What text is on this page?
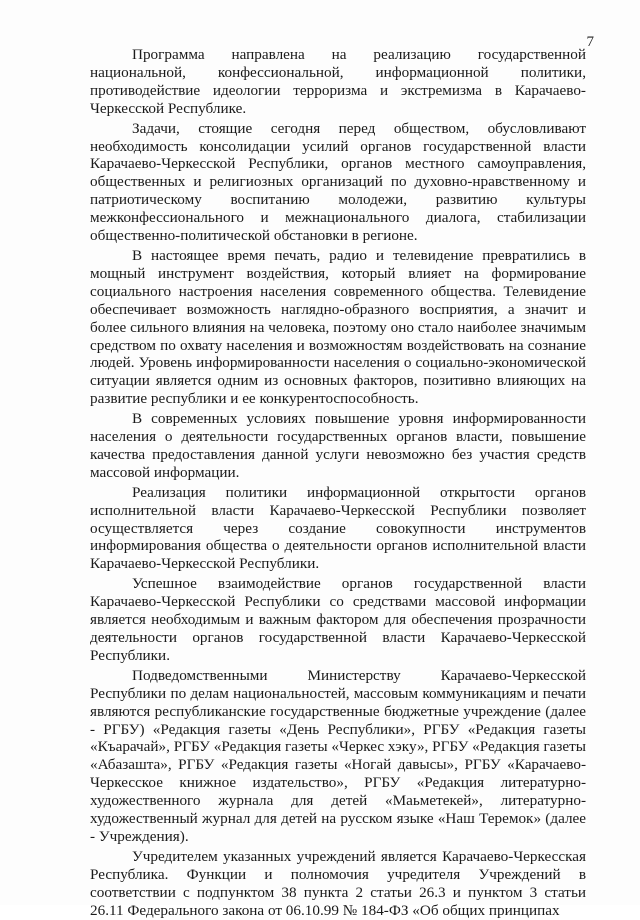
7

Программа направлена на реализацию государственной национальной, конфессиональной, информационной политики, противодействие идеологии терроризма и экстремизма в Карачаево-Черкесской Республике.

Задачи, стоящие сегодня перед обществом, обусловливают необходимость консолидации усилий органов государственной власти Карачаево-Черкесской Республики, органов местного самоуправления, общественных и религиозных организаций по духовно-нравственному и патриотическому воспитанию молодежи, развитию культуры межконфессионального и межнационального диалога, стабилизации общественно-политической обстановки в регионе.

В настоящее время печать, радио и телевидение превратились в мощный инструмент воздействия, который влияет на формирование социального настроения населения современного общества. Телевидение обеспечивает возможность наглядно-образного восприятия, а значит и более сильного влияния на человека, поэтому оно стало наиболее значимым средством по охвату населения и возможностям воздействовать на сознание людей. Уровень информированности населения о социально-экономической ситуации является одним из основных факторов, позитивно влияющих на развитие республики и ее конкурентоспособность.

В современных условиях повышение уровня информированности населения о деятельности государственных органов власти, повышение качества предоставления данной услуги невозможно без участия средств массовой информации.

Реализация политики информационной открытости органов исполнительной власти Карачаево-Черкесской Республики позволяет осуществляется через создание совокупности инструментов информирования общества о деятельности органов исполнительной власти Карачаево-Черкесской Республики.

Успешное взаимодействие органов государственной власти Карачаево-Черкесской Республики со средствами массовой информации является необходимым и важным фактором для обеспечения прозрачности деятельности органов государственной власти Карачаево-Черкесской Республики.

Подведомственными Министерству Карачаево-Черкесской Республики по делам национальностей, массовым коммуникациям и печати являются республиканские государственные бюджетные учреждение (далее - РГБУ) «Редакция газеты «День Республики», РГБУ «Редакция газеты «Къарачай», РГБУ «Редакция газеты «Черкес хэку», РГБУ «Редакция газеты «Абазашта», РГБУ «Редакция газеты «Ногай давысы», РГБУ «Карачаево-Черкесское книжное издательство», РГБУ «Редакция литературно-художественного журнала для детей «Маьметекей», литературно-художественный журнал для детей на русском языке «Наш Теремок» (далее - Учреждения).

Учредителем указанных учреждений является Карачаево-Черкесская Республика. Функции и полномочия учредителя Учреждений в соответствии с подпунктом 38 пункта 2 статьи 26.3 и пунктом 3 статьи 26.11 Федерального закона от 06.10.99 № 184-ФЗ «Об общих принципах
